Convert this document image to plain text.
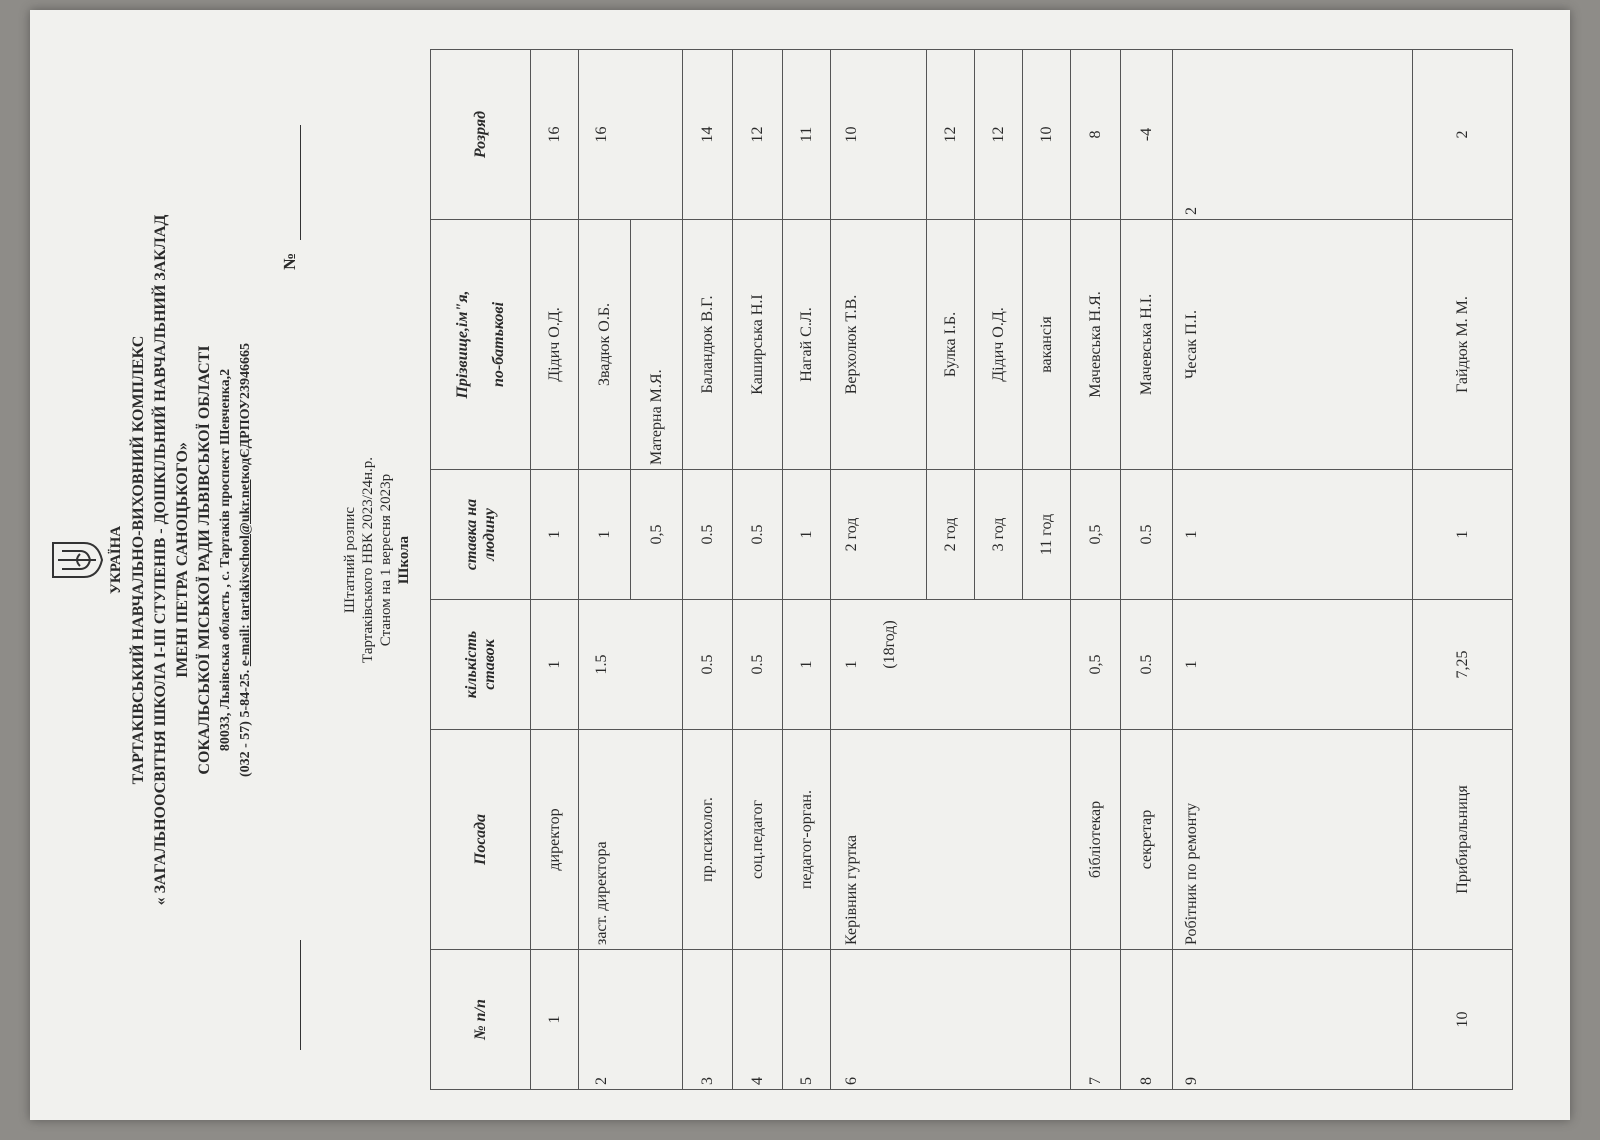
УКРАЇНА ТАРТАКІВСЬКИЙ НАВЧАЛЬНО-ВИХОВНИЙ КОМПЛЕКС « ЗАГАЛЬНООСВІТНЯ ШКОЛА І-ІІІ СТУПЕНІВ - ДОШКІЛЬНИЙ НАВЧАЛЬНИЙ ЗАКЛАД ІМЕНІ ПЕТРА САНОЦЬКОГО» СОКАЛЬСЬКОЇ МІСЬКОЇ РАДИ ЛЬВІВСЬКОЇ ОБЛАСТІ 80033, Львівська область , с. Тартаків проспект Шевченка,2 (032 - 57) 5-84-25. e-mail: tartakivschool@ukr.netкодЄДРПОУ23946665
№
Штатний розпис Тартаківського НВК 2023/24н.р. Станом на 1 вересня 2023р Школа
№ п/п	Посада	кількість ставок	ставка на людину	Прізвище,ім"я, по-батькові	Розряд
1	директор	1	1	Дідич О.Д.	16
2	заст. директора	1.5	1	Звадюк О.Б.	16
			0,5	Матерна М.Я.	
3	пр.психолог.	0.5	0.5	Баландюк В.Г.	14
4	соц.педагог	0.5	0.5	Каширська Н.І	12
5	педагог-орган.	1	1	Нагай С.Л.	11
6	Керівник гуртка	1 (18год)	2 год	Верхолюк Т.В.	10
			2 год	Булка І.Б.	12
			3 год	Дідич О.Д.	12
			11 год	вакансія	10
7	бібліотекар	0,5	0,5	Мачевська Н.Я.	8
8	секретар	0.5	0.5	Мачевська Н.І.	-4
9	Робітник по ремонту	1	1	Чесак П.І.	2
10	Прибиральниця	7,25	1	Гайдюк М. М.	2
